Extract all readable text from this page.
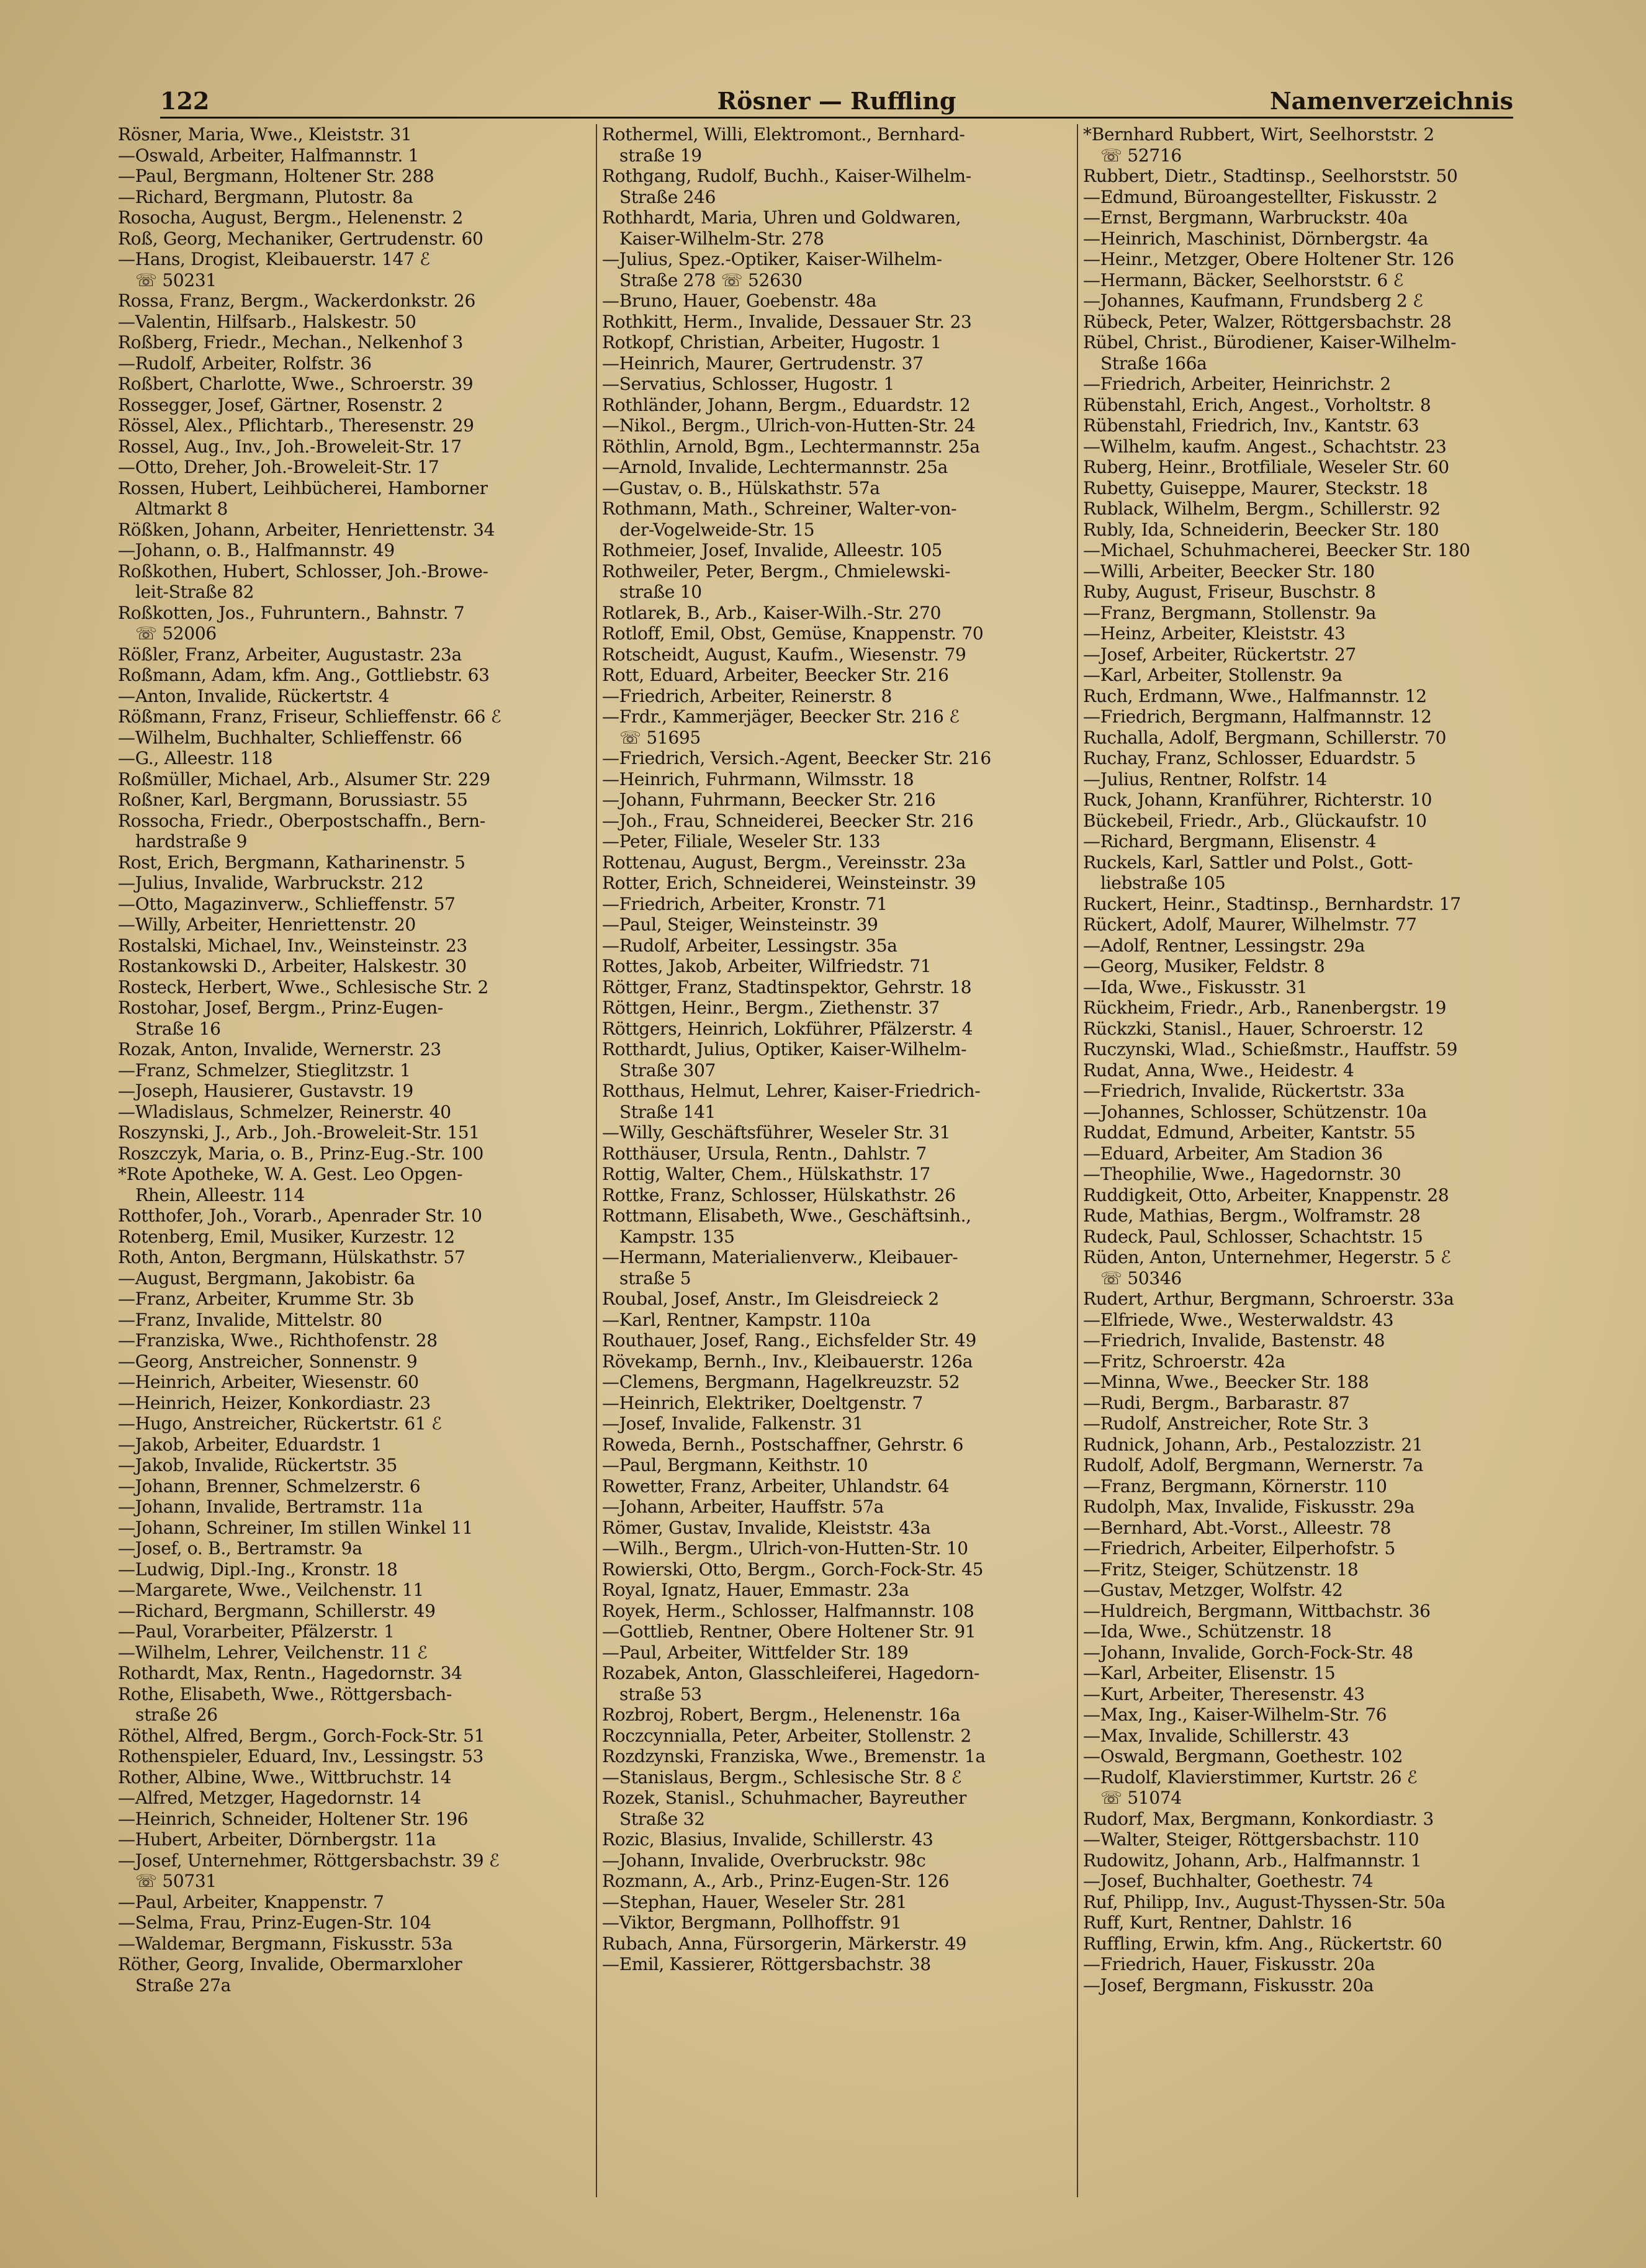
122	Rösner — Ruffling	Namenverzeichnis
Rösner, Maria, Wwe., Kleiststr. 31
—Oswald, Arbeiter, Halfmannstr. 1
—Paul, Bergmann, Holtener Str. 288
—Richard, Bergmann, Plutostr. 8a
Rosocha, August, Bergm., Helenenstr. 2
Roß, Georg, Mechaniker, Gertrudenstr. 60
—Hans, Drogist, Kleibauerstr. 147 ℰ
☏ 50231
Rossa, Franz, Bergm., Wackerdonkstr. 26
—Valentin, Hilfsarb., Halskestr. 50
Roßberg, Friedr., Mechan., Nelkenhof 3
—Rudolf, Arbeiter, Rolfstr. 36
Roßbert, Charlotte, Wwe., Schroerstr. 39
Rossegger, Josef, Gärtner, Rosenstr. 2
Rössel, Alex., Pflichtarb., Theresenstr. 29
Rossel, Aug., Inv., Joh.-Broweleit-Str. 17
—Otto, Dreher, Joh.-Broweleit-Str. 17
Rossen, Hubert, Leihbücherei, Hamborner
Altmarkt 8
Rößken, Johann, Arbeiter, Henriettenstr. 34
—Johann, o. B., Halfmannstr. 49
Roßkothen, Hubert, Schlosser, Joh.-Browe-
leit-Straße 82
Roßkotten, Jos., Fuhruntern., Bahnstr. 7
☏ 52006
Rößler, Franz, Arbeiter, Augustastr. 23a
Roßmann, Adam, kfm. Ang., Gottliebstr. 63
—Anton, Invalide, Rückertstr. 4
Rößmann, Franz, Friseur, Schlieffenstr. 66 ℰ
—Wilhelm, Buchhalter, Schlieffenstr. 66
—G., Alleestr. 118
Roßmüller, Michael, Arb., Alsumer Str. 229
Roßner, Karl, Bergmann, Borussiastr. 55
Rossocha, Friedr., Oberpostschaffn., Bern-
hardstraße 9
Rost, Erich, Bergmann, Katharinenstr. 5
—Julius, Invalide, Warbruckstr. 212
—Otto, Magazinverw., Schlieffenstr. 57
—Willy, Arbeiter, Henriettenstr. 20
Rostalski, Michael, Inv., Weinsteinstr. 23
Rostankowski D., Arbeiter, Halskestr. 30
Rosteck, Herbert, Wwe., Schlesische Str. 2
Rostohar, Josef, Bergm., Prinz-Eugen-
Straße 16
Rozak, Anton, Invalide, Wernerstr. 23
—Franz, Schmelzer, Stieglitzstr. 1
—Joseph, Hausierer, Gustavstr. 19
—Wladislaus, Schmelzer, Reinerstr. 40
Roszynski, J., Arb., Joh.-Broweleit-Str. 151
Roszczyk, Maria, o. B., Prinz-Eug.-Str. 100
*Rote Apotheke, W. A. Gest. Leo Opgen-
Rhein, Alleestr. 114
Rotthofer, Joh., Vorarb., Apenrader Str. 10
Rotenberg, Emil, Musiker, Kurzestr. 12
Roth, Anton, Bergmann, Hülskathstr. 57
—August, Bergmann, Jakobistr. 6a
—Franz, Arbeiter, Krumme Str. 3b
—Franz, Invalide, Mittelstr. 80
—Franziska, Wwe., Richthofenstr. 28
—Georg, Anstreicher, Sonnenstr. 9
—Heinrich, Arbeiter, Wiesenstr. 60
—Heinrich, Heizer, Konkordiastr. 23
—Hugo, Anstreicher, Rückertstr. 61 ℰ
—Jakob, Arbeiter, Eduardstr. 1
—Jakob, Invalide, Rückertstr. 35
—Johann, Brenner, Schmelzerstr. 6
—Johann, Invalide, Bertramstr. 11a
—Johann, Schreiner, Im stillen Winkel 11
—Josef, o. B., Bertramstr. 9a
—Ludwig, Dipl.-Ing., Kronstr. 18
—Margarete, Wwe., Veilchenstr. 11
—Richard, Bergmann, Schillerstr. 49
—Paul, Vorarbeiter, Pfälzerstr. 1
—Wilhelm, Lehrer, Veilchenstr. 11 ℰ
Rothardt, Max, Rentn., Hagedornstr. 34
Rothe, Elisabeth, Wwe., Röttgersbach-
straße 26
Röthel, Alfred, Bergm., Gorch-Fock-Str. 51
Rothenspieler, Eduard, Inv., Lessingstr. 53
Rother, Albine, Wwe., Wittbruchstr. 14
—Alfred, Metzger, Hagedornstr. 14
—Heinrich, Schneider, Holtener Str. 196
—Hubert, Arbeiter, Dörnbergstr. 11a
—Josef, Unternehmer, Röttgersbachstr. 39 ℰ
☏ 50731
—Paul, Arbeiter, Knappenstr. 7
—Selma, Frau, Prinz-Eugen-Str. 104
—Waldemar, Bergmann, Fiskusstr. 53a
Röther, Georg, Invalide, Obermarxloher
Straße 27a
Rothermel, Willi, Elektromont., Bernhard-
straße 19
Rothgang, Rudolf, Buchh., Kaiser-Wilhelm-
Straße 246
Rothhardt, Maria, Uhren und Goldwaren,
Kaiser-Wilhelm-Str. 278
—Julius, Spez.-Optiker, Kaiser-Wilhelm-
Straße 278 ☏ 52630
—Bruno, Hauer, Goebenstr. 48a
Rothkitt, Herm., Invalide, Dessauer Str. 23
Rotkopf, Christian, Arbeiter, Hugostr. 1
—Heinrich, Maurer, Gertrudenstr. 37
—Servatius, Schlosser, Hugostr. 1
Rothländer, Johann, Bergm., Eduardstr. 12
—Nikol., Bergm., Ulrich-von-Hutten-Str. 24
Röthlin, Arnold, Bgm., Lechtermannstr. 25a
—Arnold, Invalide, Lechtermannstr. 25a
—Gustav, o. B., Hülskathstr. 57a
Rothmann, Math., Schreiner, Walter-von-
der-Vogelweide-Str. 15
Rothmeier, Josef, Invalide, Alleestr. 105
Rothweiler, Peter, Bergm., Chmielewski-
straße 10
Rotlarek, B., Arb., Kaiser-Wilh.-Str. 270
Rotloff, Emil, Obst, Gemüse, Knappenstr. 70
Rotscheidt, August, Kaufm., Wiesenstr. 79
Rott, Eduard, Arbeiter, Beecker Str. 216
—Friedrich, Arbeiter, Reinerstr. 8
—Frdr., Kammerjäger, Beecker Str. 216 ℰ
☏ 51695
—Friedrich, Versich.-Agent, Beecker Str. 216
—Heinrich, Fuhrmann, Wilmsstr. 18
—Johann, Fuhrmann, Beecker Str. 216
—Joh., Frau, Schneiderei, Beecker Str. 216
—Peter, Filiale, Weseler Str. 133
Rottenau, August, Bergm., Vereinsstr. 23a
Rotter, Erich, Schneiderei, Weinsteinstr. 39
—Friedrich, Arbeiter, Kronstr. 71
—Paul, Steiger, Weinsteinstr. 39
—Rudolf, Arbeiter, Lessingstr. 35a
Rottes, Jakob, Arbeiter, Wilfriedstr. 71
Röttger, Franz, Stadtinspektor, Gehrstr. 18
Röttgen, Heinr., Bergm., Ziethenstr. 37
Röttgers, Heinrich, Lokführer, Pfälzerstr. 4
Rotthardt, Julius, Optiker, Kaiser-Wilhelm-
Straße 307
Rotthaus, Helmut, Lehrer, Kaiser-Friedrich-
Straße 141
—Willy, Geschäftsführer, Weseler Str. 31
Rotthäuser, Ursula, Rentn., Dahlstr. 7
Rottig, Walter, Chem., Hülskathstr. 17
Rottke, Franz, Schlosser, Hülskathstr. 26
Rottmann, Elisabeth, Wwe., Geschäftsinh.,
Kampstr. 135
—Hermann, Materialienverw., Kleibauer-
straße 5
Roubal, Josef, Anstr., Im Gleisdreieck 2
—Karl, Rentner, Kampstr. 110a
Routhauer, Josef, Rang., Eichsfelder Str. 49
Rövekamp, Bernh., Inv., Kleibauerstr. 126a
—Clemens, Bergmann, Hagelkreuzstr. 52
—Heinrich, Elektriker, Doeltgenstr. 7
—Josef, Invalide, Falkenstr. 31
Roweda, Bernh., Postschaffner, Gehrstr. 6
—Paul, Bergmann, Keithstr. 10
Rowetter, Franz, Arbeiter, Uhlandstr. 64
—Johann, Arbeiter, Hauffstr. 57a
Römer, Gustav, Invalide, Kleiststr. 43a
—Wilh., Bergm., Ulrich-von-Hutten-Str. 10
Rowierski, Otto, Bergm., Gorch-Fock-Str. 45
Royal, Ignatz, Hauer, Emmastr. 23a
Royek, Herm., Schlosser, Halfmannstr. 108
—Gottlieb, Rentner, Obere Holtener Str. 91
—Paul, Arbeiter, Wittfelder Str. 189
Rozabek, Anton, Glasschleiferei, Hagedorn-
straße 53
Rozbroj, Robert, Bergm., Helenenstr. 16a
Roczcynnialla, Peter, Arbeiter, Stollenstr. 2
Rozdzynski, Franziska, Wwe., Bremenstr. 1a
—Stanislaus, Bergm., Schlesische Str. 8 ℰ
Rozek, Stanisl., Schuhmacher, Bayreuther
Straße 32
Rozic, Blasius, Invalide, Schillerstr. 43
—Johann, Invalide, Overbruckstr. 98c
Rozmann, A., Arb., Prinz-Eugen-Str. 126
—Stephan, Hauer, Weseler Str. 281
—Viktor, Bergmann, Pollhoffstr. 91
Rubach, Anna, Fürsorgerin, Märkerstr. 49
—Emil, Kassierer, Röttgersbachstr. 38
*Bernhard Rubbert, Wirt, Seelhorststr. 2
☏ 52716
Rubbert, Dietr., Stadtinsp., Seelhorststr. 50
—Edmund, Büroangestellter, Fiskusstr. 2
—Ernst, Bergmann, Warbruckstr. 40a
—Heinrich, Maschinist, Dörnbergstr. 4a
—Heinr., Metzger, Obere Holtener Str. 126
—Hermann, Bäcker, Seelhorststr. 6 ℰ
—Johannes, Kaufmann, Frundsberg 2 ℰ
Rübeck, Peter, Walzer, Röttgersbachstr. 28
Rübel, Christ., Bürodiener, Kaiser-Wilhelm-
Straße 166a
—Friedrich, Arbeiter, Heinrichstr. 2
Rübenstahl, Erich, Angest., Vorholtstr. 8
Rübenstahl, Friedrich, Inv., Kantstr. 63
—Wilhelm, kaufm. Angest., Schachtstr. 23
Ruberg, Heinr., Brotfiliale, Weseler Str. 60
Rubetty, Guiseppe, Maurer, Steckstr. 18
Rublack, Wilhelm, Bergm., Schillerstr. 92
Rubly, Ida, Schneiderin, Beecker Str. 180
—Michael, Schuhmacherei, Beecker Str. 180
—Willi, Arbeiter, Beecker Str. 180
Ruby, August, Friseur, Buschstr. 8
—Franz, Bergmann, Stollenstr. 9a
—Heinz, Arbeiter, Kleiststr. 43
—Josef, Arbeiter, Rückertstr. 27
—Karl, Arbeiter, Stollenstr. 9a
Ruch, Erdmann, Wwe., Halfmannstr. 12
—Friedrich, Bergmann, Halfmannstr. 12
Ruchalla, Adolf, Bergmann, Schillerstr. 70
Ruchay, Franz, Schlosser, Eduardstr. 5
—Julius, Rentner, Rolfstr. 14
Ruck, Johann, Kranführer, Richterstr. 10
Bückebeil, Friedr., Arb., Glückaufstr. 10
—Richard, Bergmann, Elisenstr. 4
Ruckels, Karl, Sattler und Polst., Gott-
liebstraße 105
Ruckert, Heinr., Stadtinsp., Bernhardstr. 17
Rückert, Adolf, Maurer, Wilhelmstr. 77
—Adolf, Rentner, Lessingstr. 29a
—Georg, Musiker, Feldstr. 8
—Ida, Wwe., Fiskusstr. 31
Rückheim, Friedr., Arb., Ranenbergstr. 19
Rückzki, Stanisl., Hauer, Schroerstr. 12
Ruczynski, Wlad., Schießmstr., Hauffstr. 59
Rudat, Anna, Wwe., Heidestr. 4
—Friedrich, Invalide, Rückertstr. 33a
—Johannes, Schlosser, Schützenstr. 10a
Ruddat, Edmund, Arbeiter, Kantstr. 55
—Eduard, Arbeiter, Am Stadion 36
—Theophilie, Wwe., Hagedornstr. 30
Ruddigkeit, Otto, Arbeiter, Knappenstr. 28
Rude, Mathias, Bergm., Wolframstr. 28
Rudeck, Paul, Schlosser, Schachtstr. 15
Rüden, Anton, Unternehmer, Hegerstr. 5 ℰ
☏ 50346
Rudert, Arthur, Bergmann, Schroerstr. 33a
—Elfriede, Wwe., Westerwaldstr. 43
—Friedrich, Invalide, Bastenstr. 48
—Fritz, Schroerstr. 42a
—Minna, Wwe., Beecker Str. 188
—Rudi, Bergm., Barbarastr. 87
—Rudolf, Anstreicher, Rote Str. 3
Rudnick, Johann, Arb., Pestalozzistr. 21
Rudolf, Adolf, Bergmann, Wernerstr. 7a
—Franz, Bergmann, Körnerstr. 110
Rudolph, Max, Invalide, Fiskusstr. 29a
—Bernhard, Abt.-Vorst., Alleestr. 78
—Friedrich, Arbeiter, Eilperhofstr. 5
—Fritz, Steiger, Schützenstr. 18
—Gustav, Metzger, Wolfstr. 42
—Huldreich, Bergmann, Wittbachstr. 36
—Ida, Wwe., Schützenstr. 18
—Johann, Invalide, Gorch-Fock-Str. 48
—Karl, Arbeiter, Elisenstr. 15
—Kurt, Arbeiter, Theresenstr. 43
—Max, Ing., Kaiser-Wilhelm-Str. 76
—Max, Invalide, Schillerstr. 43
—Oswald, Bergmann, Goethestr. 102
—Rudolf, Klavierstimmer, Kurtstr. 26 ℰ
☏ 51074
Rudorf, Max, Bergmann, Konkordiastr. 3
—Walter, Steiger, Röttgersbachstr. 110
Rudowitz, Johann, Arb., Halfmannstr. 1
—Josef, Buchhalter, Goethestr. 74
Ruf, Philipp, Inv., August-Thyssen-Str. 50a
Ruff, Kurt, Rentner, Dahlstr. 16
Ruffling, Erwin, kfm. Ang., Rückertstr. 60
—Friedrich, Hauer, Fiskusstr. 20a
—Josef, Bergmann, Fiskusstr. 20a
